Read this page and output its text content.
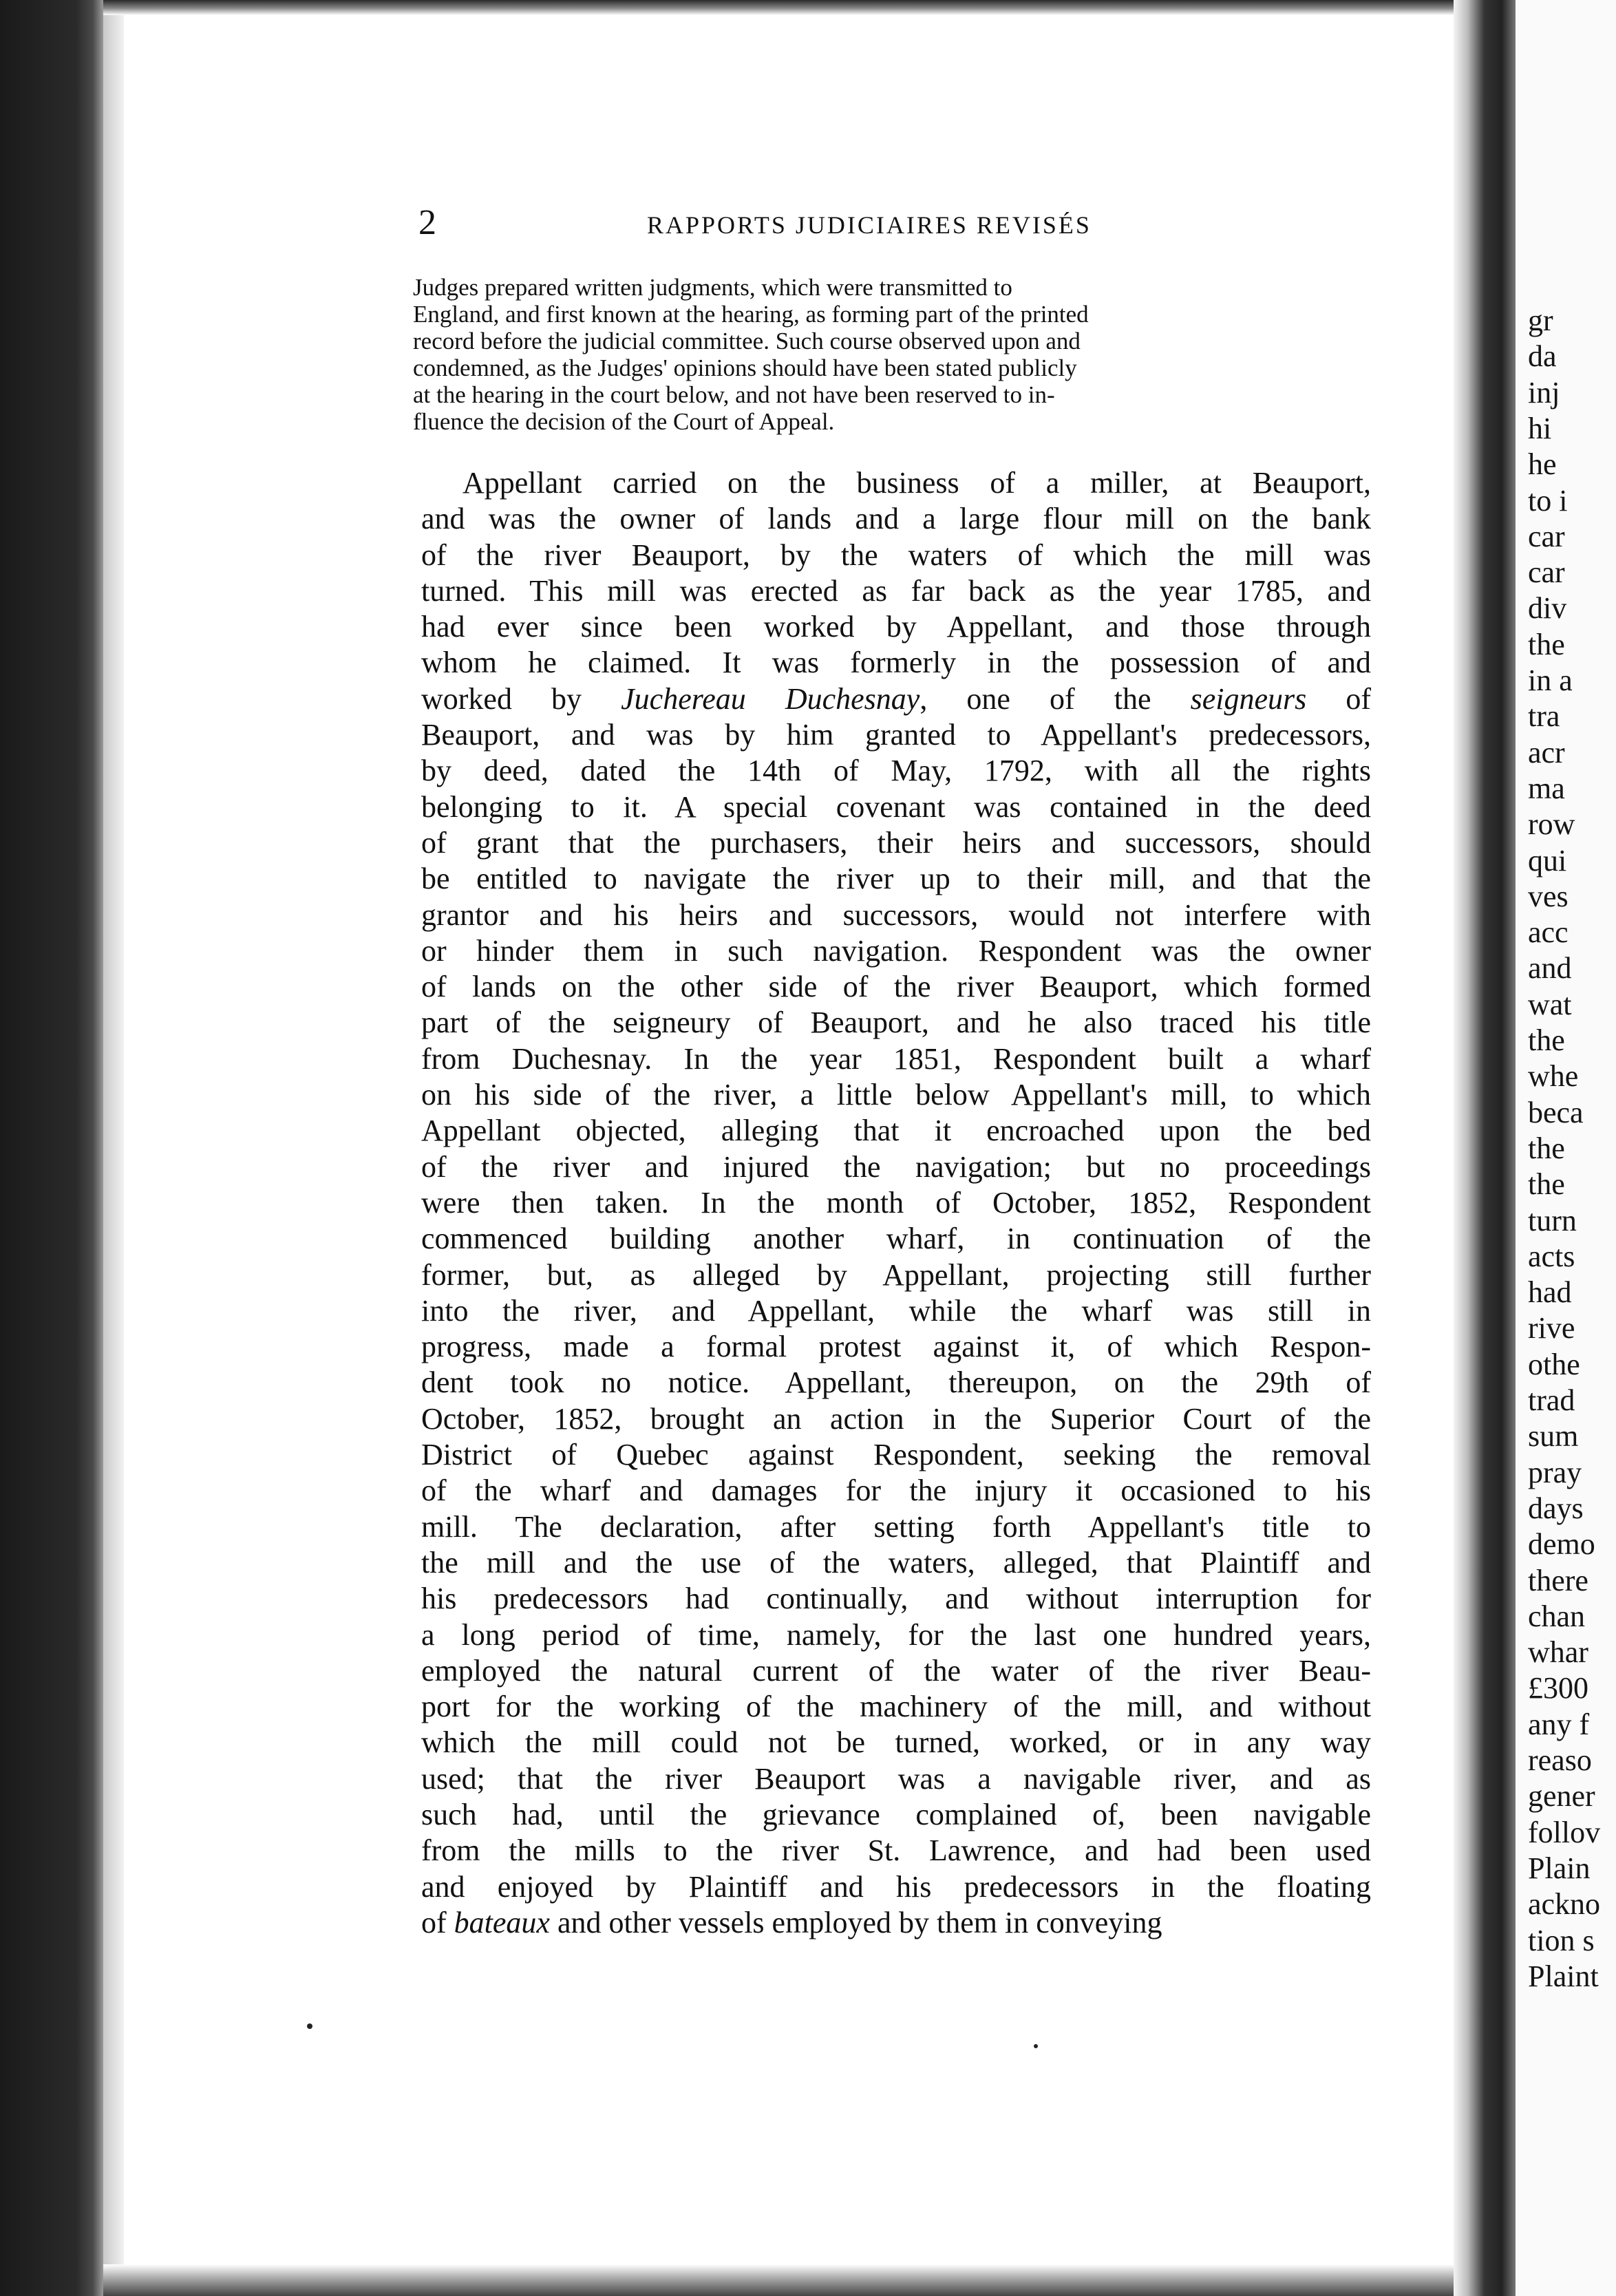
gr
da
inj
hi
he
to i
car
car
div
the
in a
tra
acr
ma
row
qui
ves
acc
and
wat
the
whe
beca
the
the
turn
acts
had
rive
othe
trad
sum
pray
days
demo
there
chan
whar
£300
any f
reaso
gener
follov
Plain
ackno
tion s
Plaint
2	RAPPORTS JUDICIAIRES REVISÉS
Judges prepared written judgments, which were transmitted to
England, and first known at the hearing, as forming part of the printed
record before the judicial committee. Such course observed upon and
condemned, as the Judges' opinions should have been stated publicly
at the hearing in the court below, and not have been reserved to in-
fluence the decision of the Court of Appeal.
Appellant carried on the business of a miller, at Beauport,
and was the owner of lands and a large flour mill on the bank
of the river Beauport, by the waters of which the mill was
turned. This mill was erected as far back as the year 1785, and
had ever since been worked by Appellant, and those through
whom he claimed. It was formerly in the possession of and
worked by Juchereau Duchesnay, one of the seigneurs of
Beauport, and was by him granted to Appellant's predecessors,
by deed, dated the 14th of May, 1792, with all the rights
belonging to it. A special covenant was contained in the deed
of grant that the purchasers, their heirs and successors, should
be entitled to navigate the river up to their mill, and that the
grantor and his heirs and successors, would not interfere with
or hinder them in such navigation. Respondent was the owner
of lands on the other side of the river Beauport, which formed
part of the seigneury of Beauport, and he also traced his title
from Duchesnay. In the year 1851, Respondent built a wharf
on his side of the river, a little below Appellant's mill, to which
Appellant objected, alleging that it encroached upon the bed
of the river and injured the navigation; but no proceedings
were then taken. In the month of October, 1852, Respondent
commenced building another wharf, in continuation of the
former, but, as alleged by Appellant, projecting still further
into the river, and Appellant, while the wharf was still in
progress, made a formal protest against it, of which Respon-
dent took no notice. Appellant, thereupon, on the 29th of
October, 1852, brought an action in the Superior Court of the
District of Quebec against Respondent, seeking the removal
of the wharf and damages for the injury it occasioned to his
mill. The declaration, after setting forth Appellant's title to
the mill and the use of the waters, alleged, that Plaintiff and
his predecessors had continually, and without interruption for
a long period of time, namely, for the last one hundred years,
employed the natural current of the water of the river Beau-
port for the working of the machinery of the mill, and without
which the mill could not be turned, worked, or in any way
used; that the river Beauport was a navigable river, and as
such had, until the grievance complained of, been navigable
from the mills to the river St. Lawrence, and had been used
and enjoyed by Plaintiff and his predecessors in the floating
of bateaux and other vessels employed by them in conveying
